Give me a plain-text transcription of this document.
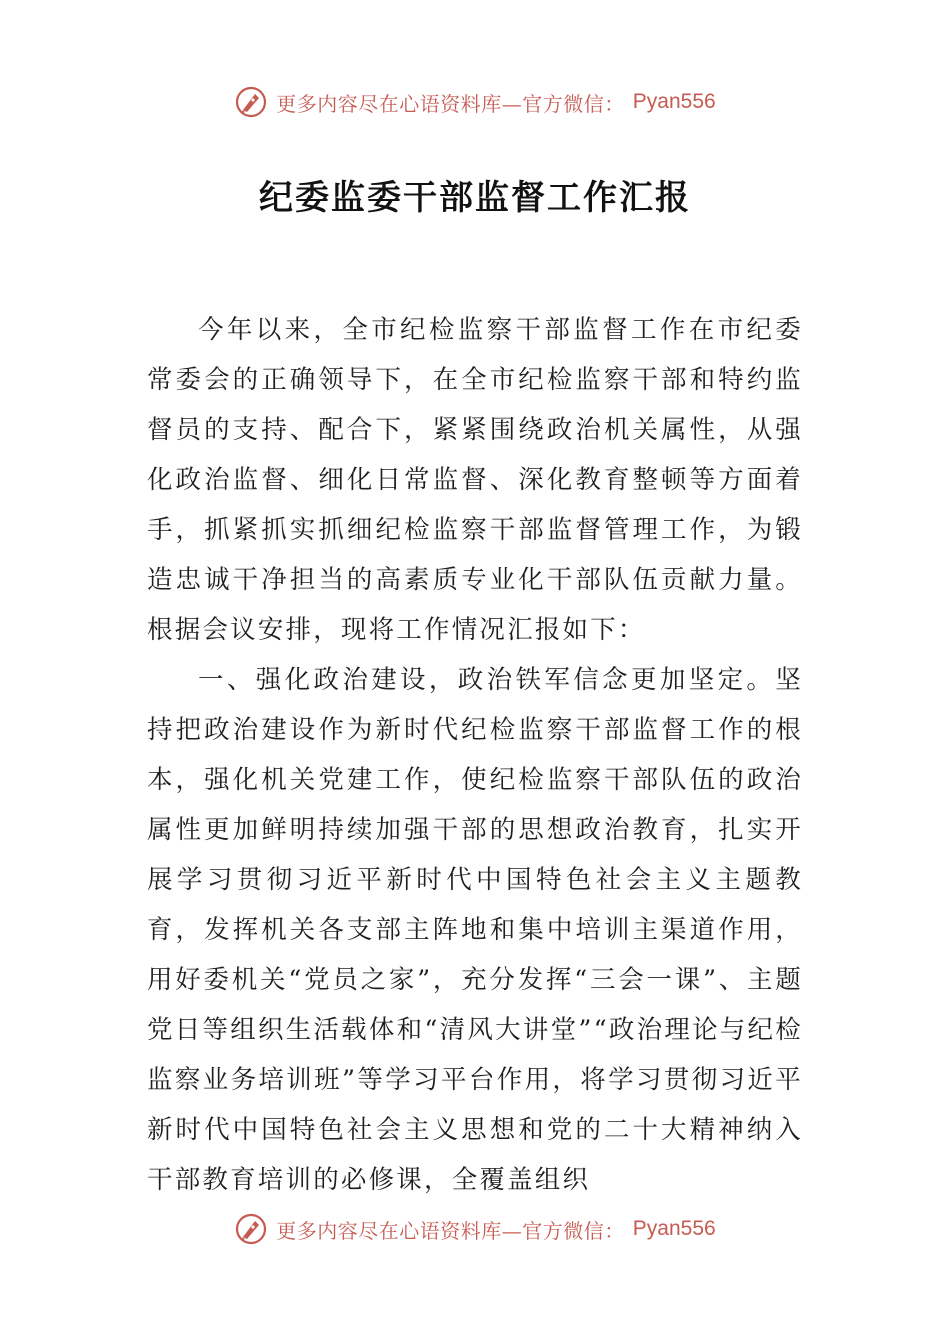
更多内容尽在心语资料库—官方微信： Pyan556
纪委监委干部监督工作汇报

今年以来，全市纪检监察干部监督工作在市纪委常委会的正确领导下，在全市纪检监察干部和特约监督员的支持、配合下，紧紧围绕政治机关属性，从强化政治监督、细化日常监督、深化教育整顿等方面着手，抓紧抓实抓细纪检监察干部监督管理工作，为锻造忠诚干净担当的高素质专业化干部队伍贡献力量。根据会议安排，现将工作情况汇报如下：

一、强化政治建设，政治铁军信念更加坚定。坚持把政治建设作为新时代纪检监察干部监督工作的根本，强化机关党建工作，使纪检监察干部队伍的政治属性更加鲜明持续加强干部的思想政治教育，扎实开展学习贯彻习近平新时代中国特色社会主义主题教育，发挥机关各支部主阵地和集中培训主渠道作用，用好委机关“党员之家”，充分发挥“三会一课”、主题党日等组织生活载体和“清风大讲堂”“政治理论与纪检监察业务培训班”等学习平台作用，将学习贯彻习近平新时代中国特色社会主义思想和党的二十大精神纳入干部教育培训的必修课，全覆盖组织

更多内容尽在心语资料库—官方微信： Pyan556
